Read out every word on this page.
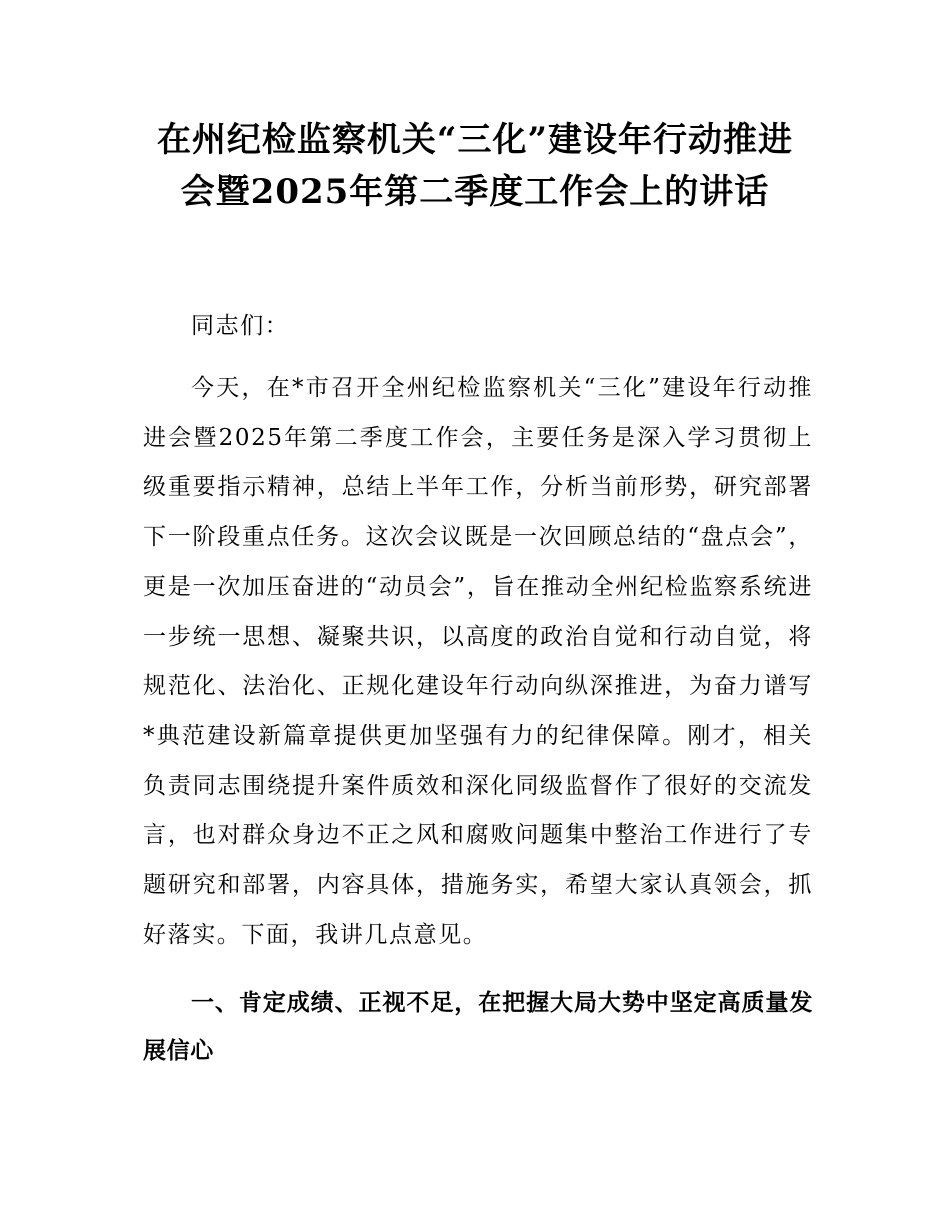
在州纪检监察机关“三化”建设年行动推进
会暨2025年第二季度工作会上的讲话

同志们：

今天，在*市召开全州纪检监察机关“三化”建设年行动推进会暨2025年第二季度工作会，主要任务是深入学习贯彻上级重要指示精神，总结上半年工作，分析当前形势，研究部署下一阶段重点任务。这次会议既是一次回顾总结的“盘点会”，更是一次加压奋进的“动员会”，旨在推动全州纪检监察系统进一步统一思想、凝聚共识，以高度的政治自觉和行动自觉，将规范化、法治化、正规化建设年行动向纵深推进，为奋力谱写*典范建设新篇章提供更加坚强有力的纪律保障。刚才，相关负责同志围绕提升案件质效和深化同级监督作了很好的交流发言，也对群众身边不正之风和腐败问题集中整治工作进行了专题研究和部署，内容具体，措施务实，希望大家认真领会，抓好落实。下面，我讲几点意见。

一、肯定成绩、正视不足，在把握大局大势中坚定高质量发展信心
